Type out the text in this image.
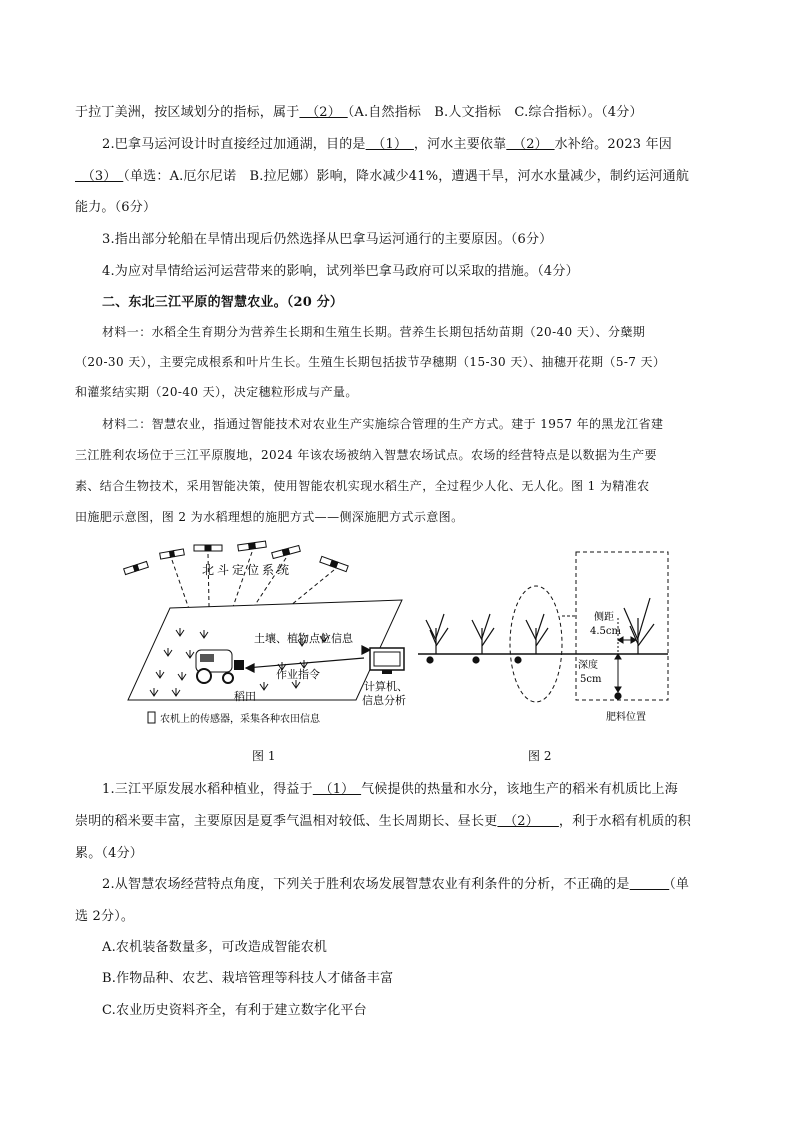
于拉丁美洲，按区域划分的指标，属于　（2）　（A.自然指标　B.人文指标　C.综合指标）。（4分）
2.巴拿马运河设计时直接经过加通湖，目的是　（1）　，河水主要依靠　（2）　水补给。2023 年因
　（3）　（单选：A.厄尔尼诺　B.拉尼娜）影响，降水减少41%，遭遇干旱，河水水量减少，制约运河通航
能力。（6分）
3.指出部分轮船在旱情出现后仍然选择从巴拿马运河通行的主要原因。（6分）
4.为应对旱情给运河运营带来的影响，试列举巴拿马政府可以采取的措施。（4分）
二、东北三江平原的智慧农业。（20 分）
材料一：水稻全生育期分为营养生长期和生殖生长期。营养生长期包括幼苗期（20-40 天）、分蘖期
（20-30 天），主要完成根系和叶片生长。生殖生长期包括拔节孕穗期（15-30 天）、抽穗开花期（5-7 天）
和灌浆结实期（20-40 天），决定穗粒形成与产量。
材料二：智慧农业，指通过智能技术对农业生产实施综合管理的生产方式。建于 1957 年的黑龙江省建
三江胜利农场位于三江平原腹地，2024 年该农场被纳入智慧农场试点。农场的经营特点是以数据为生产要
素、结合生物技术，采用智能决策，使用智能农机实现水稻生产，全过程少人化、无人化。图 1 为精准农
田施肥示意图，图 2 为水稻理想的施肥方式——侧深施肥方式示意图。
北斗定位系统
土壤、植物点位信息
作业指令
稻田
计算机、
信息分析
农机上的传感器，采集各种农田信息
图 1
侧距
4.5cm
深度
5cm
肥料位置
图 2
1.三江平原发展水稻种植业，得益于　（1）　气候提供的热量和水分，该地生产的稻米有机质比上海
崇明的稻米要丰富，主要原因是夏季气温相对较低、生长周期长、昼长更　（2）　　，利于水稻有机质的积
累。（4分）
2.从智慧农场经营特点角度，下列关于胜利农场发展智慧农业有利条件的分析，不正确的是　　　	（单
选 2分）。
A.农机装备数量多，可改造成智能农机
B.作物品种、农艺、栽培管理等科技人才储备丰富
C.农业历史资料齐全，有利于建立数字化平台
